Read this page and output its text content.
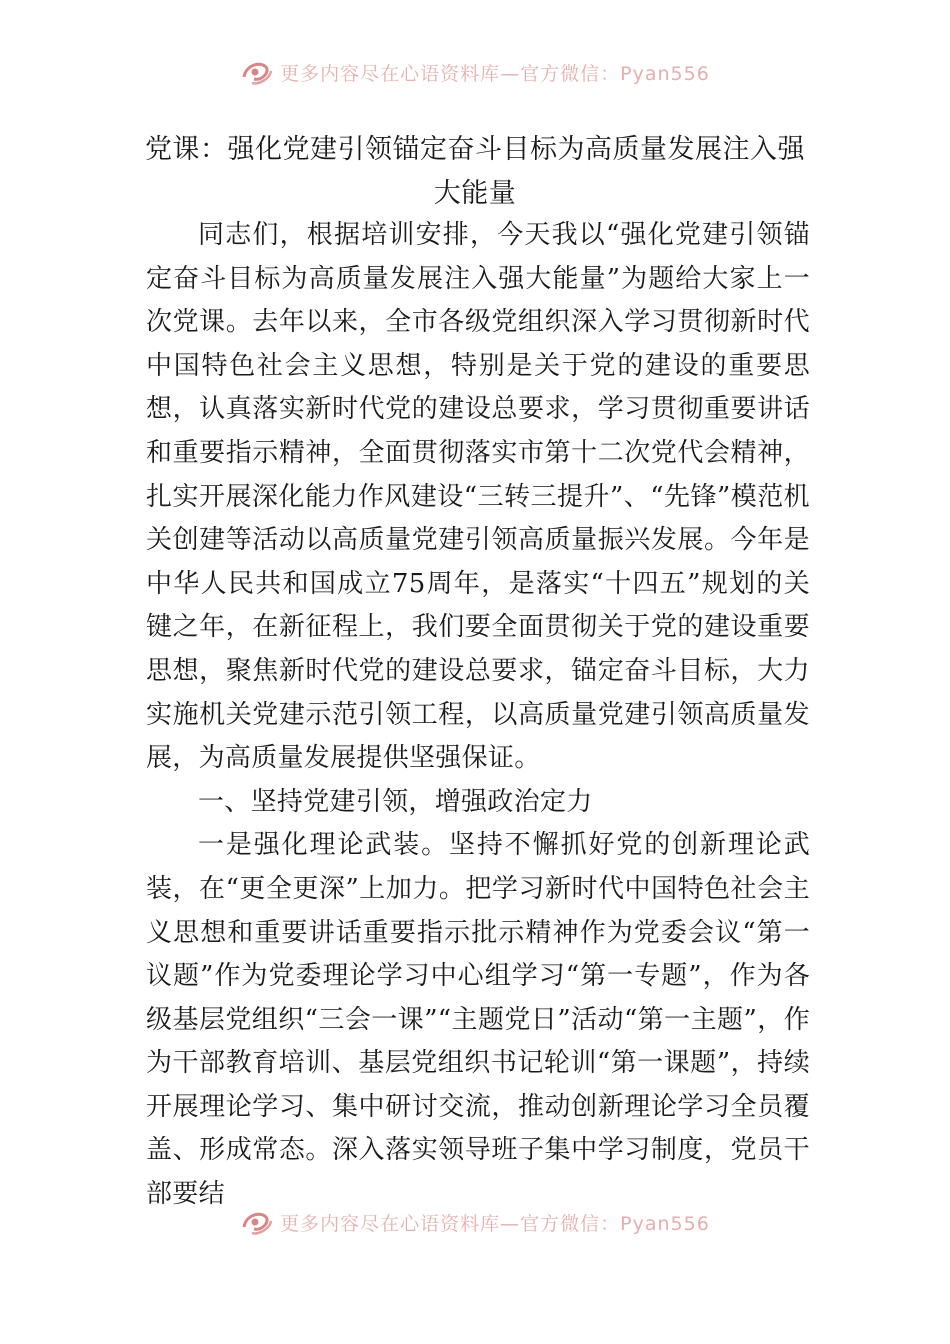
更多内容尽在心语资料库—官方微信：Pyan556
党课：强化党建引领锚定奋斗目标为高质量发展注入强大能量

同志们，根据培训安排，今天我以“强化党建引领锚定奋斗目标为高质量发展注入强大能量”为题给大家上一次党课。去年以来，全市各级党组织深入学习贯彻新时代中国特色社会主义思想，特别是关于党的建设的重要思想，认真落实新时代党的建设总要求，学习贯彻重要讲话和重要指示精神，全面贯彻落实市第十二次党代会精神，扎实开展深化能力作风建设“三转三提升”、“先锋”模范机关创建等活动以高质量党建引领高质量振兴发展。今年是中华人民共和国成立75周年，是落实“十四五”规划的关键之年，在新征程上，我们要全面贯彻关于党的建设重要思想，聚焦新时代党的建设总要求，锚定奋斗目标，大力实施机关党建示范引领工程，以高质量党建引领高质量发展，为高质量发展提供坚强保证。

一、坚持党建引领，增强政治定力

一是强化理论武装。坚持不懈抓好党的创新理论武装，在“更全更深”上加力。把学习新时代中国特色社会主义思想和重要讲话重要指示批示精神作为党委会议“第一议题”作为党委理论学习中心组学习“第一专题”，作为各级基层党组织“三会一课”“主题党日”活动“第一主题”，作为干部教育培训、基层党组织书记轮训“第一课题”，持续开展理论学习、集中研讨交流，推动创新理论学习全员覆盖、形成常态。深入落实领导班子集中学习制度，党员干部要结

更多内容尽在心语资料库—官方微信：Pyan556
